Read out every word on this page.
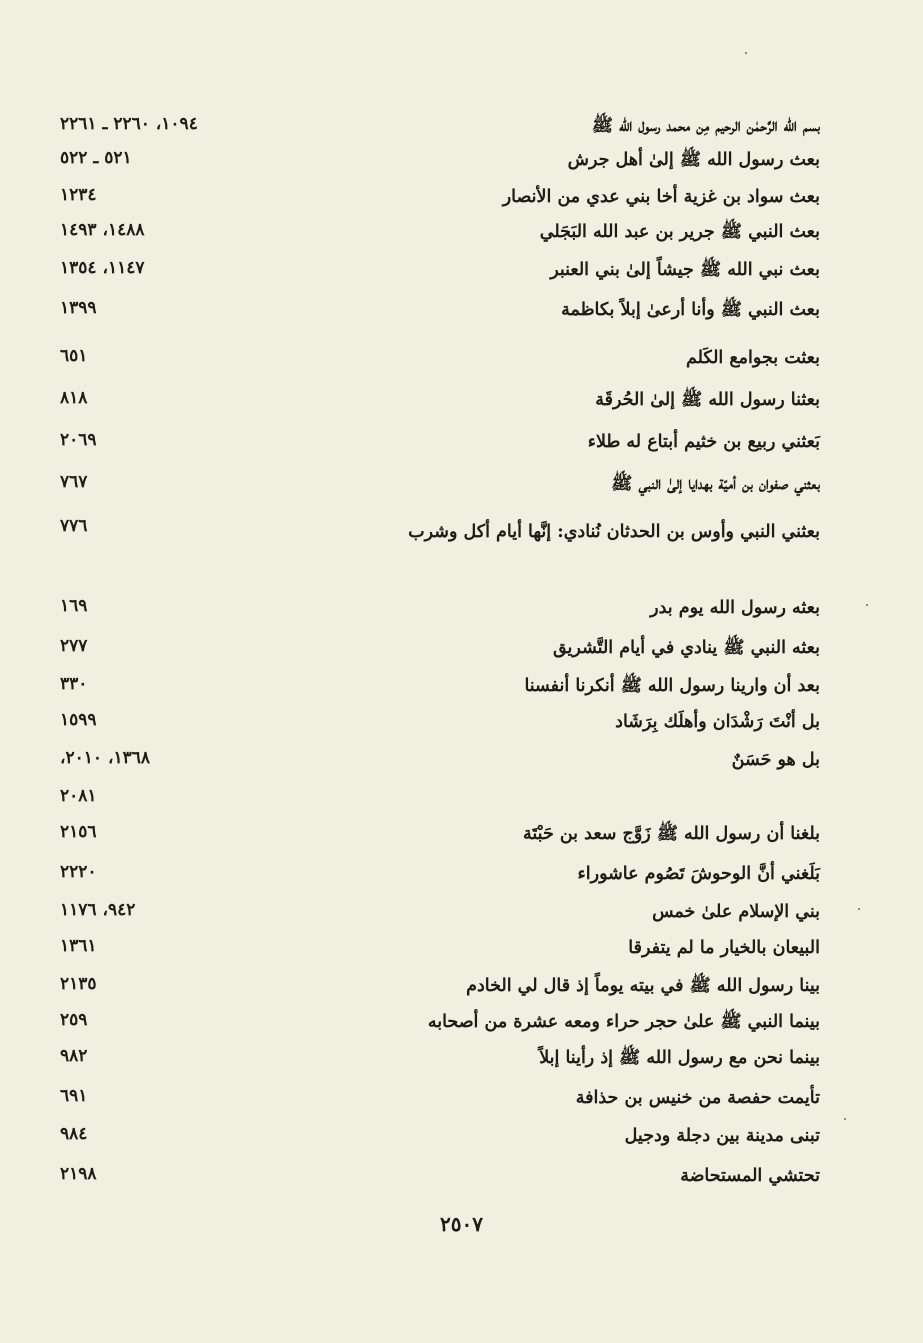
بسم الله الرَّحمٰن الرحيم مِن محمد رسول الله ﷺ
١٠٩٤، ٢٢٦٠ ـ ٢٢٦١
بعث رسول الله ﷺ إلىٰ أهل جرش
٥٢١ ـ ٥٢٢
بعث سواد بن غزية أخا بني عدي من الأنصار
١٢٣٤
بعث النبي ﷺ جرير بن عبد الله البَجَلي
١٤٨٨، ١٤٩٣
بعث نبي الله ﷺ جيشاً إلىٰ بني العنبر
١١٤٧، ١٣٥٤
بعث النبي ﷺ وأنا أرعىٰ إبلاً بكاظمة
١٣٩٩
بعثت بجوامع الكَلم
٦٥١
بعثنا رسول الله ﷺ إلىٰ الحُرقَة
٨١٨
بَعثني ربيع بن خثيم أبتاع له طلاء
٢٠٦٩
بعثني صفوان بن أميّة بهدايا إلىٰ النبي ﷺ
٧٦٧
بعثني النبي وأوس بن الحدثان نُنادي: إنَّها أيام أكل وشرب
٧٧٦
بعثه رسول الله يوم بدر
١٦٩
بعثه النبي ﷺ ينادي في أيام التَّشريق
٢٧٧
بعد أن وارينا رسول الله ﷺ أنكرنا أنفسنا
٣٣٠
بل أنْتَ رَشْدَان وأهلَك بِرَشَاد
١٥٩٩
بل هو حَسَنٌ
١٣٦٨، ٢٠١٠،
٢٠٨١
بلغنا أن رسول الله ﷺ زَوَّج سعد بن حَبْتَة
٢١٥٦
بَلَغني أنَّ الوحوشَ تَصُوم عاشوراء
٢٢٢٠
بني الإسلام علىٰ خمس
٩٤٢، ١١٧٦
البيعان بالخيار ما لم يتفرقا
١٣٦١
بينا رسول الله ﷺ في بيته يوماً إذ قال لي الخادم
٢١٣٥
بينما النبي ﷺ علىٰ حجر حراء ومعه عشرة من أصحابه
٢٥٩
بينما نحن مع رسول الله ﷺ إذ رأينا إبلاً
٩٨٢
تأيمت حفصة من خنيس بن حذافة
٦٩١
تبنى مدينة بين دجلة ودجيل
٩٨٤
تحتشي المستحاضة
٢١٩٨
٢٥٠٧
